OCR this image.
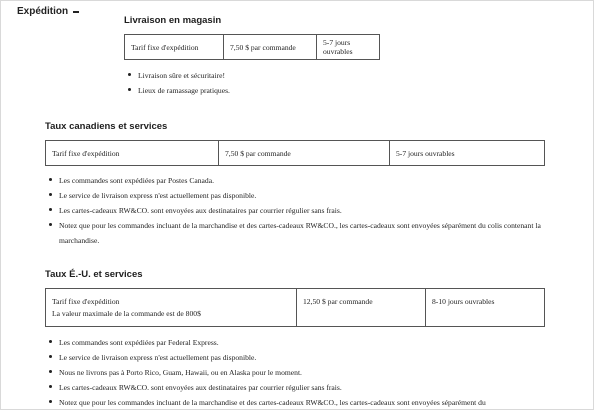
Expédition
Livraison en magasin
Tarif fixe d'expédition	7,50 $ par commande	5-7 jours ouvrables
Livraison sûre et sécuritaire!
Lieux de ramassage pratiques.
Taux canadiens et services
Tarif fixe d'expédition	7,50 $ par commande	5-7 jours ouvrables
Les commandes sont expédiées par Postes Canada.
Le service de livraison express n'est actuellement pas disponible.
Les cartes-cadeaux RW&CO. sont envoyées aux destinataires par courrier régulier sans frais.
Notez que pour les commandes incluant de la marchandise et des cartes-cadeaux RW&CO., les cartes-cadeaux sont envoyées séparément du colis contenant la marchandise.
Taux É.-U. et services
Tarif fixe d'expédition
La valeur maximale de la commande est de 800$
	12,50 $ par commande	8-10 jours ouvrables
Les commandes sont expédiées par Federal Express.
Le service de livraison express n'est actuellement pas disponible.
Nous ne livrons pas à Porto Rico, Guam, Hawaii, ou en Alaska pour le moment.
Les cartes-cadeaux RW&CO. sont envoyées aux destinataires par courrier régulier sans frais.
Notez que pour les commandes incluant de la marchandise et des cartes-cadeaux RW&CO., les cartes-cadeaux sont envoyées séparément du
